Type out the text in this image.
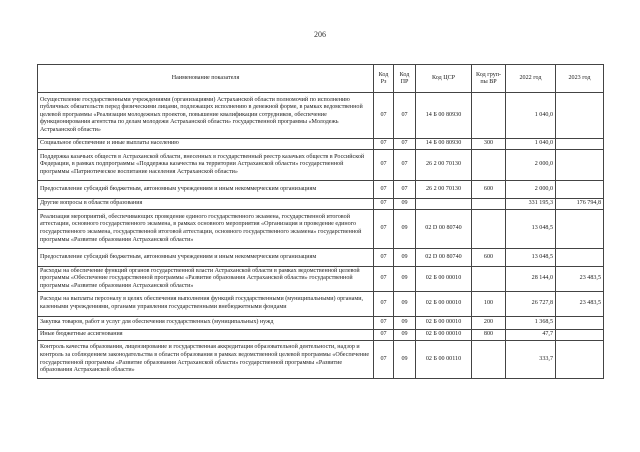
206
Наименование показателя	Код Рз	Код ПР	Код ЦСР	Код груп-пы ВР	2022 год	2023 год
Осуществление государственными учреждениями (организациями) Астраханской области полномочий по исполнению публичных обязательств перед физическими лицами, подлежащих исполнению в денежной форме, в рамках ведомственной целевой программы «Реализация молодежных проектов, повышение квалификации сотрудников, обеспечение функционирования агентства по делам молодежи Астраханской области» государственной программы «Молодежь Астраханской области»	07	07	14 Б 00 80930		1 040,0	
Социальное обеспечение и иные выплаты населению	07	07	14 Б 00 80930	300	1 040,0	
Поддержка казачьих обществ в Астраханской области, внесенных в государственный реестр казачьих обществ в Российской Федерации, в рамках подпрограммы «Поддержка казачества на территории Астраханской области» государственной программы «Патриотическое воспитание населения Астраханской области»	07	07	26 2 00 70130		2 000,0	
Предоставление субсидий бюджетным, автономным учреждениям и иным некоммерческим организациям	07	07	26 2 00 70130	600	2 000,0	
Другие вопросы в области образования	07	09			331 195,3	176 794,8
Реализация мероприятий, обеспечивающих проведение единого государственного экзамена, государственной итоговой аттестации, основного государственного экзамена, в рамках основного мероприятия «Организация и проведение единого государственного экзамена, государственной итоговой аттестации, основного государственного экзамена» государственной программы «Развитие образования Астраханской области»	07	09	02 D 00 80740		13 048,5	
Предоставление субсидий бюджетным, автономным учреждениям и иным некоммерческим организациям	07	09	02 D 00 80740	600	13 048,5	
Расходы на обеспечение функций органов государственной власти Астраханской области в рамках ведомственной целевой программы «Обеспечение государственной программы «Развитие образования Астраханской области» государственной программы «Развитие образования Астраханской области»	07	09	02 Б 00 00010		28 144,0	23 483,5
Расходы на выплаты персоналу в целях обеспечения выполнения функций государственными (муниципальными) органами, казенными учреждениями, органами управления государственными внебюджетными фондами	07	09	02 Б 00 00010	100	26 727,8	23 483,5
Закупка товаров, работ и услуг для обеспечения государственных (муниципальных) нужд	07	09	02 Б 00 00010	200	1 368,5	
Иные бюджетные ассигнования	07	09	02 Б 00 00010	800	47,7	
Контроль качества образования, лицензирование и государственная аккредитация образовательной деятельности, надзор и контроль за соблюдением законодательства в области образования в рамках ведомственной целевой программы «Обеспечение государственной программы «Развитие образования Астраханской области» государственной программы «Развитие образования Астраханской области»	07	09	02 Б 00 00110		333,7	
